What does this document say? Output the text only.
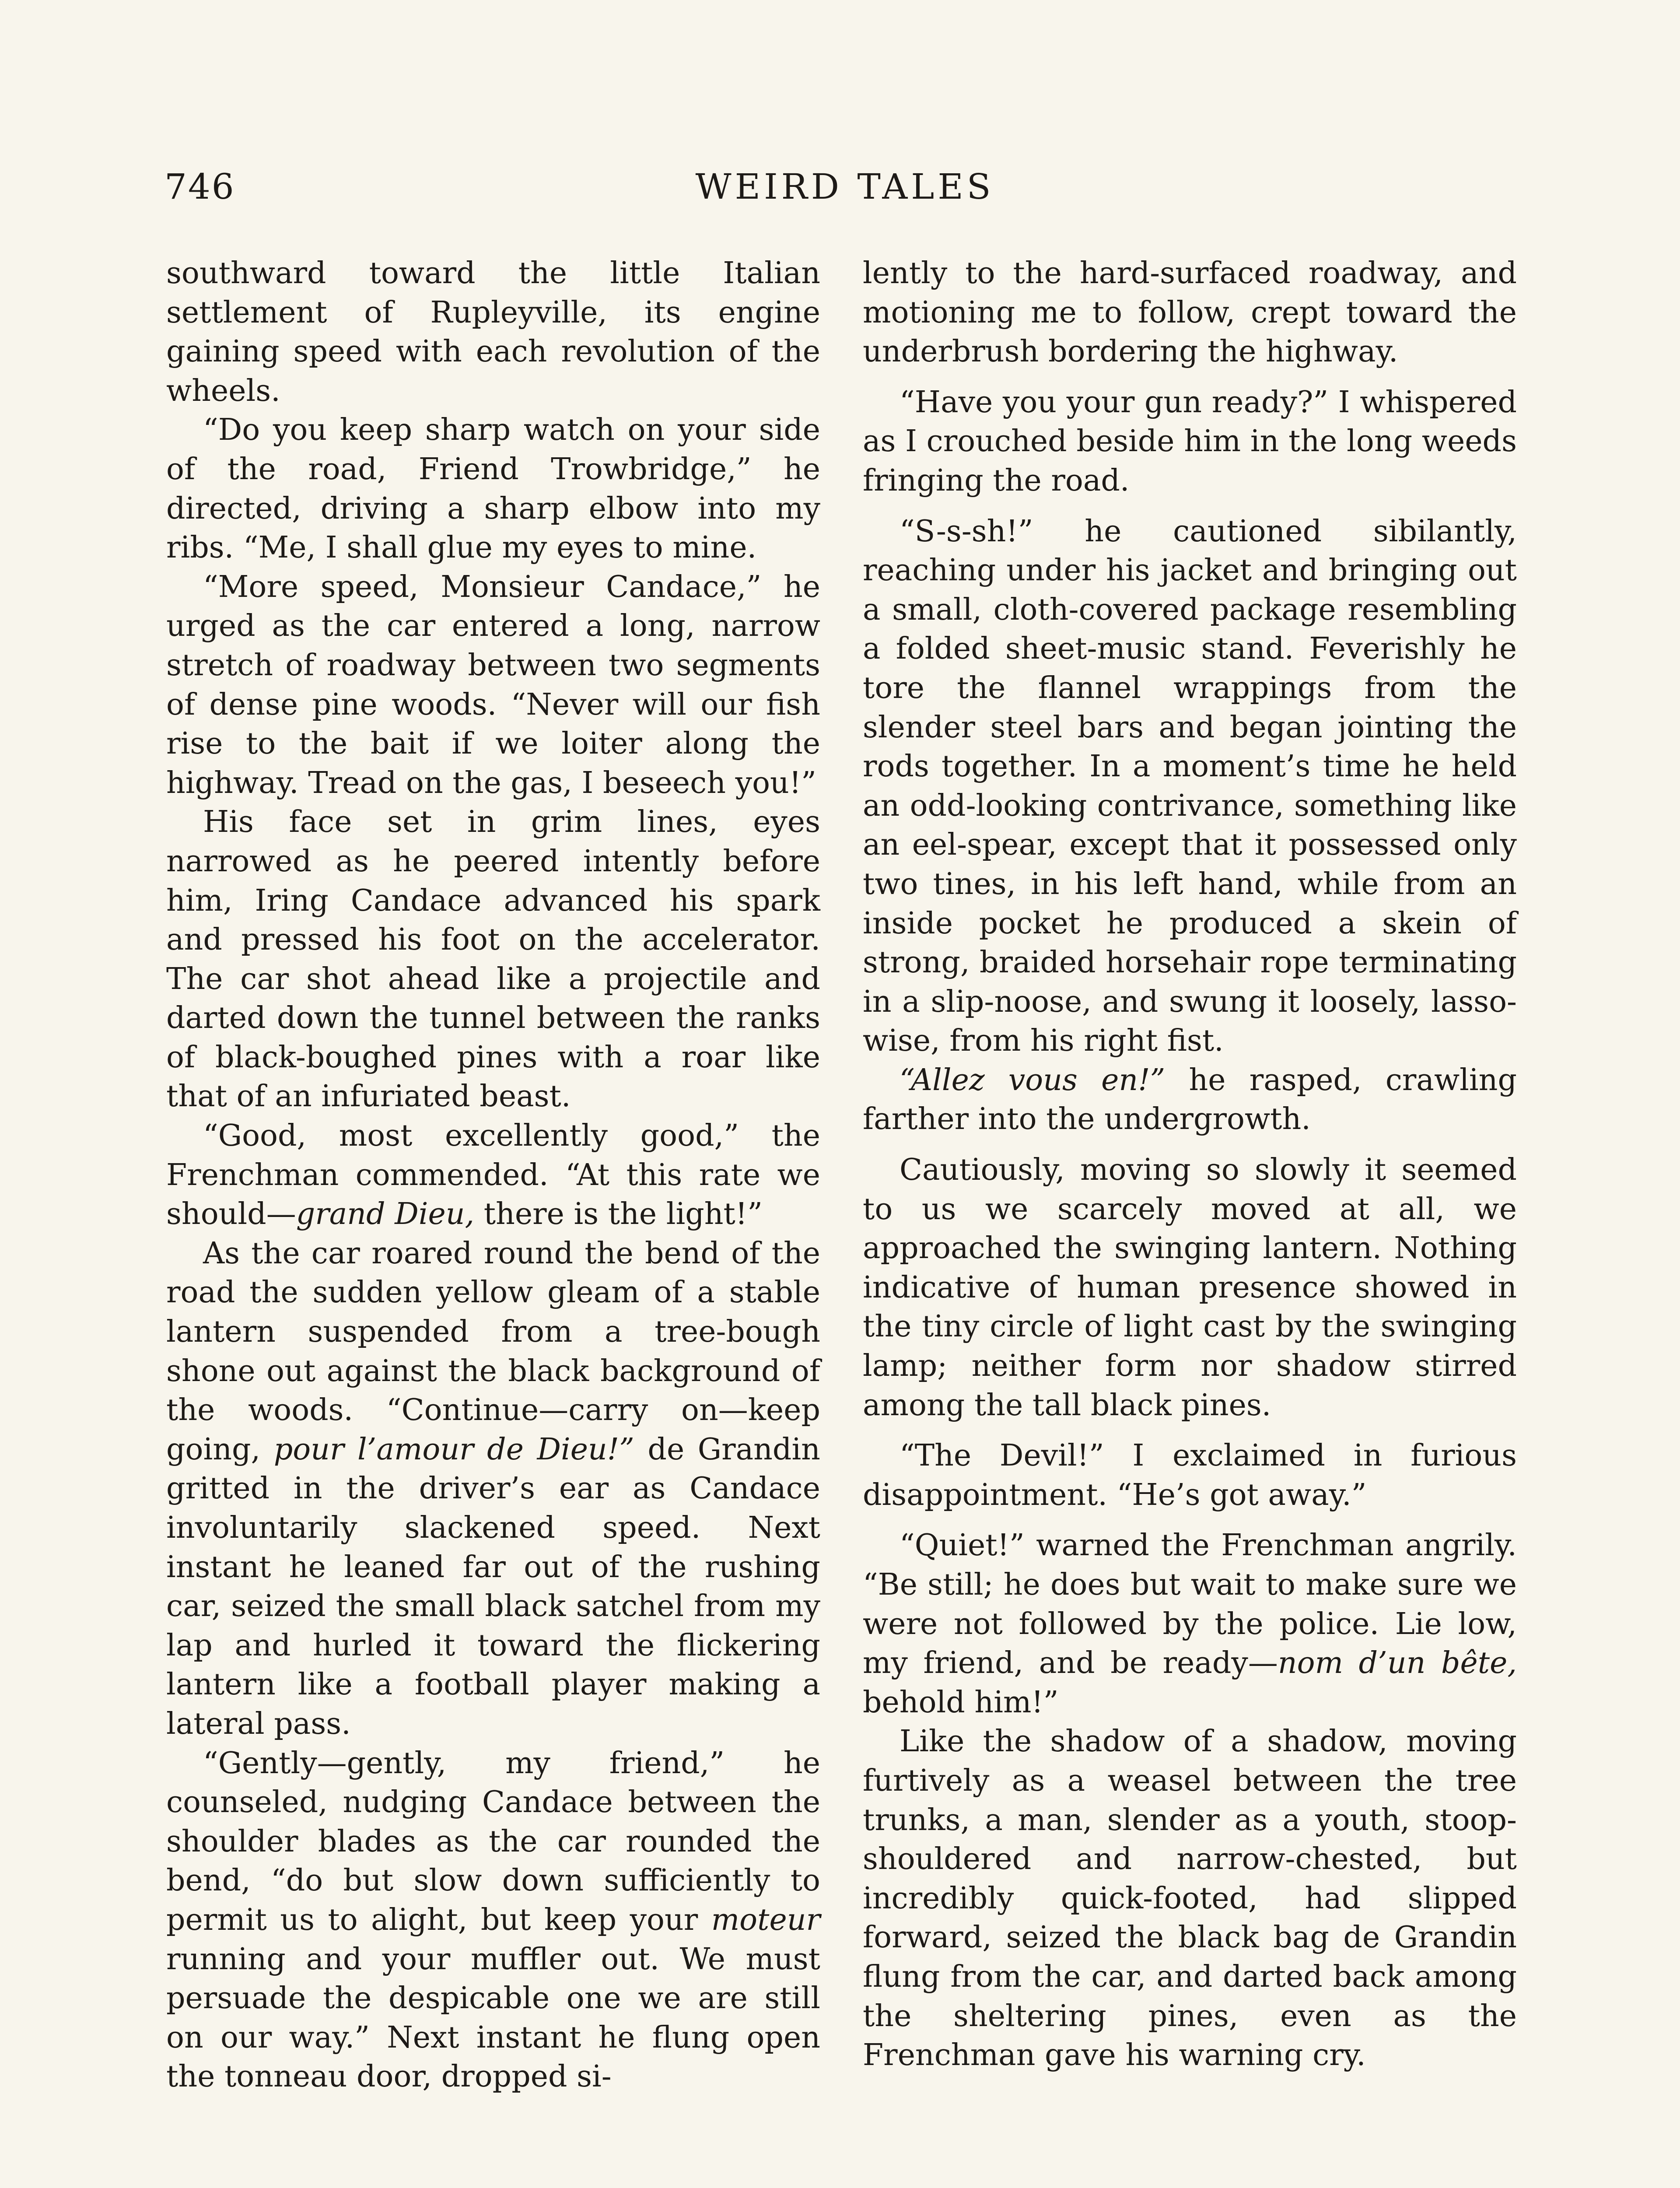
746	WEIRD TALES

southward toward the little Italian settlement of Rupleyville, its engine gaining speed with each revolution of the wheels.

“Do you keep sharp watch on your side of the road, Friend Trowbridge,” he directed, driving a sharp elbow into my ribs. “Me, I shall glue my eyes to mine.

“More speed, Monsieur Candace,” he urged as the car entered a long, narrow stretch of roadway between two segments of dense pine woods. “Never will our fish rise to the bait if we loiter along the highway. Tread on the gas, I beseech you!”

His face set in grim lines, eyes narrowed as he peered intently before him, Iring Candace advanced his spark and pressed his foot on the accelerator. The car shot ahead like a projectile and darted down the tunnel between the ranks of black-boughed pines with a roar like that of an infuriated beast.

“Good, most excellently good,” the Frenchman commended. “At this rate we should—grand Dieu, there is the light!”

As the car roared round the bend of the road the sudden yellow gleam of a stable lantern suspended from a tree-bough shone out against the black background of the woods. “Continue—carry on—keep going, pour l’amour de Dieu!” de Grandin gritted in the driver’s ear as Candace involuntarily slackened speed. Next instant he leaned far out of the rushing car, seized the small black satchel from my lap and hurled it toward the flickering lantern like a football player making a lateral pass.

“Gently—gently, my friend,” he counseled, nudging Candace between the shoulder blades as the car rounded the bend, “do but slow down sufficiently to permit us to alight, but keep your moteur running and your muffler out. We must persuade the despicable one we are still on our way.” Next instant he flung open the tonneau door, dropped si-

lently to the hard-surfaced roadway, and motioning me to follow, crept toward the underbrush bordering the highway.

“Have you your gun ready?” I whispered as I crouched beside him in the long weeds fringing the road.

“S-s-sh!” he cautioned sibilantly, reaching under his jacket and bringing out a small, cloth-covered package resembling a folded sheet-music stand. Feverishly he tore the flannel wrappings from the slender steel bars and began jointing the rods together. In a moment’s time he held an odd-looking contrivance, something like an eel-spear, except that it possessed only two tines, in his left hand, while from an inside pocket he produced a skein of strong, braided horsehair rope terminating in a slip-noose, and swung it loosely, lasso-wise, from his right fist.

“Allez vous en!” he rasped, crawling farther into the undergrowth.

Cautiously, moving so slowly it seemed to us we scarcely moved at all, we approached the swinging lantern. Nothing indicative of human presence showed in the tiny circle of light cast by the swinging lamp; neither form nor shadow stirred among the tall black pines.

“The Devil!” I exclaimed in furious disappointment. “He’s got away.”

“Quiet!” warned the Frenchman angrily. “Be still; he does but wait to make sure we were not followed by the police. Lie low, my friend, and be ready—nom d’un bête, behold him!”

Like the shadow of a shadow, moving furtively as a weasel between the tree trunks, a man, slender as a youth, stoop-shouldered and narrow-chested, but incredibly quick-footed, had slipped forward, seized the black bag de Grandin flung from the car, and darted back among the sheltering pines, even as the Frenchman gave his warning cry.
